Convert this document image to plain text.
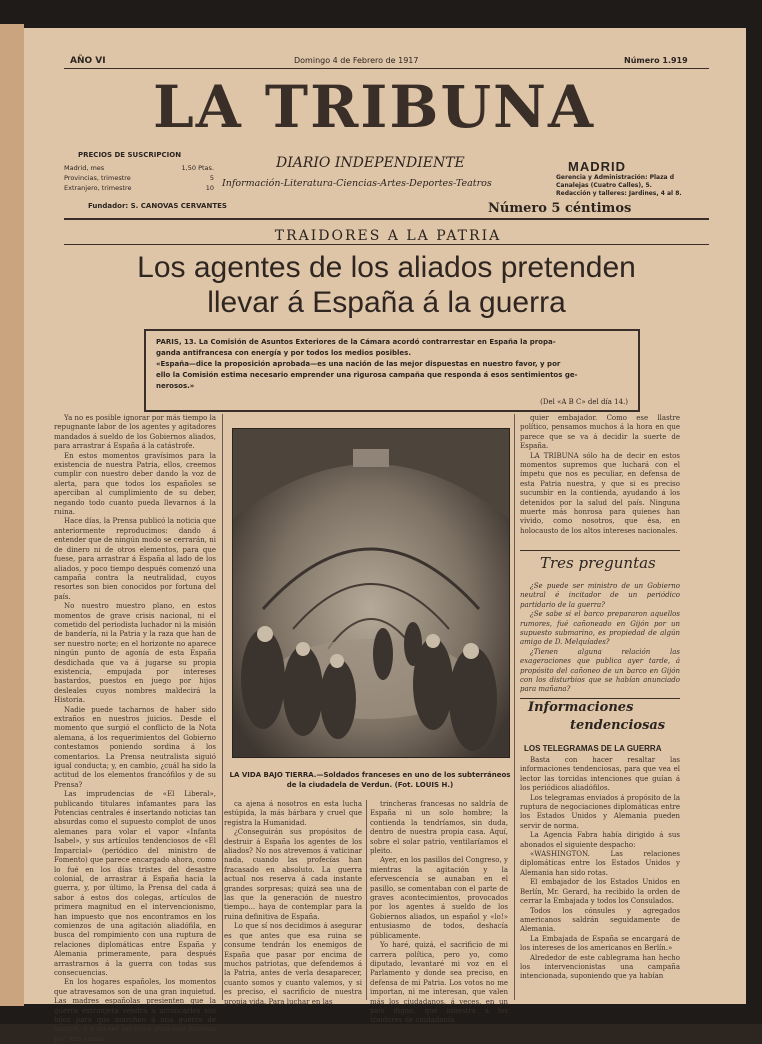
AÑO VI	Domingo 4 de Febrero de 1917	Número 1.919
LA TRIBUNA
DIARIO INDEPENDIENTE
Información-Literatura-Ciencias-Artes-Deportes-Teatros
PRECIOS DE SUSCRIPCION
Madrid, mes	1,50 Ptas.
Provincias, trimestre	5
Extranjero, trimestre	10
Fundador: S. CANOVAS CERVANTES
MADRID
Gerencia y Administración: Plaza d
Canalejas (Cuatro Calles), 5.
Redacción y talleres: Jardines, 4 al 8.
Número 5 céntimos
TRAIDORES A LA PATRIA
Los agentes de los aliados pretenden
llevar á España á la guerra
PARIS, 13. La Comisión de Asuntos Exteriores de la Cámara acordó contrarrestar en España la propa-
ganda antifrancesa con energía y por todos los medios posibles.
«España—dice la proposición aprobada—es una nación de las mejor dispuestas en nuestro favor, y por
ello la Comisión estima necesario emprender una rigurosa campaña que responda á esos sentimientos ge-
nerosos.»
(Del «A B C» del día 14.)

Ya no es posible ignorar por más tiempo la repugnante labor de los agentes y agitadores mandados á sueldo de los Gobiernos aliados, para arrastrar á España á la catástrofe.

En estos momentos gravísimos para la existencia de nuestra Patria, ellos, creemos cumplir con nuestro deber dando la voz de alerta, para que todos los españoles se aperciban al cumplimiento de su deber, negando todo cuanto pueda llevarnos á la ruina.

Hace días, la Prensa publicó la noticia que anteriormente reproducimos: dando á entender que de ningún modo se cerrarán, ni de dinero ni de otros elementos, para que fuese, para arrastrar á España al lado de los aliados, y poco tiempo después comenzó una campaña contra la neutralidad, cuyos resortes son bien conocidos por fortuna del país.

No nuestro muestro plano, en estos momentos de grave crisis nacional, ni el cometido del periodista luchador ni la misión de bandería, ni la Patria y la raza que han de ser nuestro norte; en el horizonte no aparece ningún punto de agonía de esta España desdichada que va á jugarse su propia existencia, empujada por intereses bastardos, puestos en juego por hijos desleales cuyos nombres maldecirá la Historia.

Nadie puede tacharnos de haber sido extraños en nuestros juicios. Desde el momento que surgió el conflicto de la Nota alemana, á los requerimientos del Gobierno contestamos poniendo sordina á los comentarios. La Prensa neutralista siguió igual conducta; y, en cambio, ¿cuál ha sido la actitud de los elementos francófilos y de su Prensa?

Las imprudencias de «El Liberal», publicando titulares infamantes para las Potencias centrales é insertando noticias tan absurdas como el supuesto complot de unos alemanes para volar el vapor «Infanta Isabel», y sus artículos tendenciosos de «El Imparcial» (periódico del ministro de Fomento) que parece encargado ahora, como lo fué en los días tristes del desastre colonial, de arrastrar á España hacia la guerra, y, por último, la Prensa del cada á sabor á estos dos colegas, artículos de primera magnitud en el intervencionismo, han impuesto que nos encontramos en los comienzos de una agitación aliadófila, en busca del rompimiento con una ruptura de relaciones diplomáticas entre España y Alemania primeramente, para después arrastrarnos á la guerra con todas sus consecuencias.

En los hogares españoles, los momentos que atravesamos son de una gran inquietud. Las madres españolas presienten que la guerra extranjera vendrá á arrancarles sus hijos para que marchen á una guerra de sangre, y á no ser los hijos para que mueran por una causa

LA VIDA BAJO TIERRA.—Soldados franceses en uno de los subterráneos
de la ciudadela de Verdun. (Fot. LOUIS H.)

ca ajena á nosotros en esta lucha estúpida, la más bárbara y cruel que registra la Humanidad.

¿Conseguirán sus propósitos de destruir á España los agentes de los aliados? No nos atrevemos á vaticinar nada, cuando las profecías han fracasado en absoluto. La guerra actual nos reserva á cada instante grandes sorpresas; quizá sea una de las que la generación de nuestro tiempo... haya de contemplar para la ruina definitiva de España.

Lo que sí nos decidimos á asegurar es que antes que esa ruina se consume tendrán los enemigos de España que pasar por encima de muchos patriotas, que defendemos á la Patria, antes de verla desaparecer, cuanto somos y cuanto valemos, y si es preciso, el sacrificio de nuestra propia vida. Para luchar en las

trincheras francesas no saldría de España ni un solo hombre; la contienda la tendríamos, sin duda, dentro de nuestra propia casa. Aquí, sobre el solar patrio, ventilaríamos el pleito.

Ayer, en los pasillos del Congreso, y mientras la agitación y la efervescencia se aunaban en el pasillo, se comentaban con el parte de graves acontecimientos, provocados por los agentes á sueldo de los Gobiernos aliados, un español y «lo!» entusiasmo de todos, deshacía públicamente.

Yo haré, quizá, el sacrificio de mi carrera política, pero yo, como diputado, levantaré mi voz en el Parlamento y donde sea preciso, en defensa de mi Patria. Los votos no me importan, ni me interesan, que valen más los ciudadanos, á veces, en un país digno, que muestra á los traidores de ciudadanía

quier embajador. Como ese llastre político, pensamos muchos á la hora en que parece que se va á decidir la suerte de España.

LA TRIBUNA sólo ha de decir en estos momentos supremos que luchará con el ímpetu que nos es peculiar, en defensa de esta Patria nuestra, y que si es preciso sucumbir en la contienda, ayudando á los detenidos por la salud del país. Ninguna muerte más honrosa para quienes han vivido, como nosotros, que ésa, en holocausto de los altos intereses nacionales.

Tres preguntas

¿Se puede ser ministro de un Gobierno neutral é incitador de un periódico partidario de la guerra?

¿Se sabe si el barco prepararon aquellos rumores, fué cañoneado en Gijón por un supuesto submarino, es propiedad de algún amigo de D. Melquíades?

¿Tienen alguna relación las exageraciones que publica ayer tarde, á propósito del cañoneo de un barco en Gijón con los disturbios que se habían anunciado para mañana?

Informaciones
tendenciosas
LOS TELEGRAMAS DE LA GUERRA

Basta con hacer resaltar las informaciones tendenciosas, para que vea el lector las torcidas intenciones que guían á los periódicos aliadófilos.

Los telegramas enviados á propósito de la ruptura de negociaciones diplomáticas entre los Estados Unidos y Alemania pueden servir de norma.

La Agencia Fabra había dirigido á sus abonados el siguiente despacho:

«WASHINGTON. Las relaciones diplomáticas entre los Estados Unidos y Alemania han sido rotas.

El embajador de los Estados Unidos en Berlín, Mr. Gerard, ha recibido la orden de cerrar la Embajada y todos los Consulados.

Todos los cónsules y agregados americanos saldrán seguidamente de Alemania.

La Embajada de España se encargará de los intereses de los americanos en Berlín.»

Alrededor de este cablegrama han hecho los intervencionistas una campaña intencionada, suponiendo que ya habían
